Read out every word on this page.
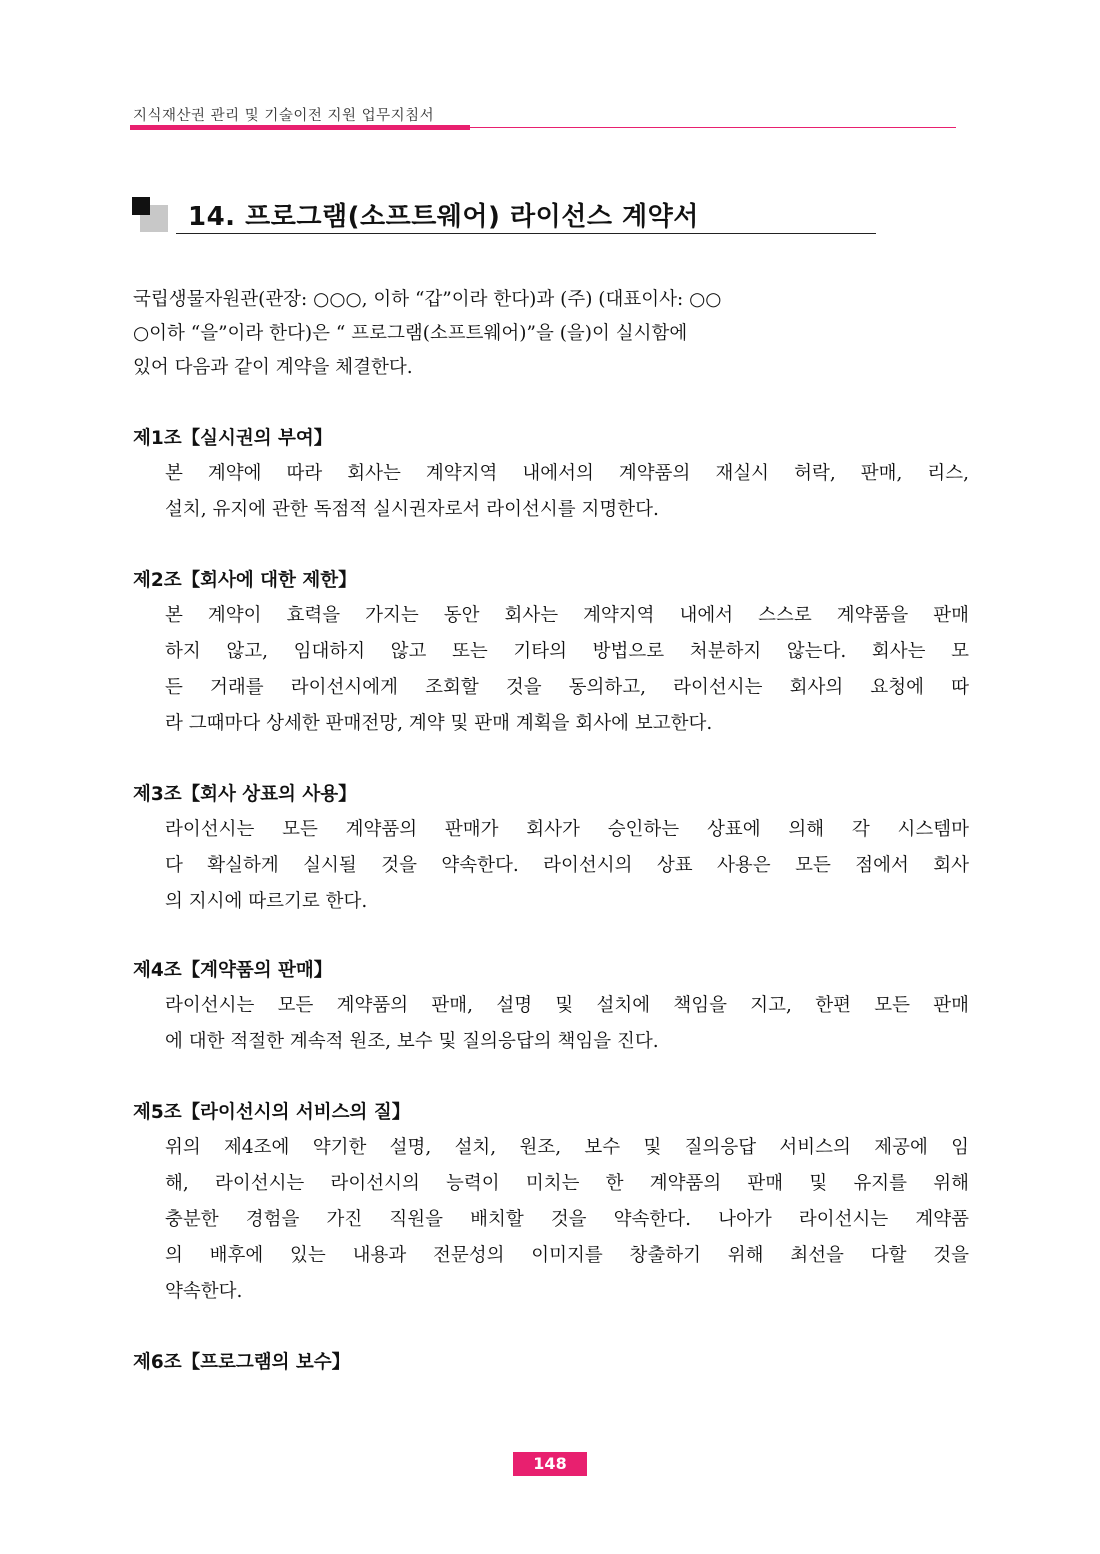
지식재산권 관리 및 기술이전 지원 업무지침서
14. 프로그램(소프트웨어) 라이선스 계약서
국립생물자원관(관장: ○○○, 이하 “갑”이라 한다)과 (주) (대표이사: ○○
○이하 “을”이라 한다)은 “ 프로그램(소프트웨어)”을 (을)이 실시함에
있어 다음과 같이 계약을 체결한다.
제1조【실시권의 부여】
본 계약에 따라 회사는 계약지역 내에서의 계약품의 재실시 허락, 판매, 리스,
설치, 유지에 관한 독점적 실시권자로서 라이선시를 지명한다.
제2조【회사에 대한 제한】
본 계약이 효력을 가지는 동안 회사는 계약지역 내에서 스스로 계약품을 판매
하지 않고, 임대하지 않고 또는 기타의 방법으로 처분하지 않는다. 회사는 모
든 거래를 라이선시에게 조회할 것을 동의하고, 라이선시는 회사의 요청에 따
라 그때마다 상세한 판매전망, 계약 및 판매 계획을 회사에 보고한다.
제3조【회사 상표의 사용】
라이선시는 모든 계약품의 판매가 회사가 승인하는 상표에 의해 각 시스템마
다 확실하게 실시될 것을 약속한다. 라이선시의 상표 사용은 모든 점에서 회사
의 지시에 따르기로 한다.
제4조【계약품의 판매】
라이선시는 모든 계약품의 판매, 설명 및 설치에 책임을 지고, 한편 모든 판매
에 대한 적절한 계속적 원조, 보수 및 질의응답의 책임을 진다.
제5조【라이선시의 서비스의 질】
위의 제4조에 약기한 설명, 설치, 원조, 보수 및 질의응답 서비스의 제공에 임
해, 라이선시는 라이선시의 능력이 미치는 한 계약품의 판매 및 유지를 위해
충분한 경험을 가진 직원을 배치할 것을 약속한다. 나아가 라이선시는 계약품
의 배후에 있는 내용과 전문성의 이미지를 창출하기 위해 최선을 다할 것을
약속한다.
제6조【프로그램의 보수】
148
